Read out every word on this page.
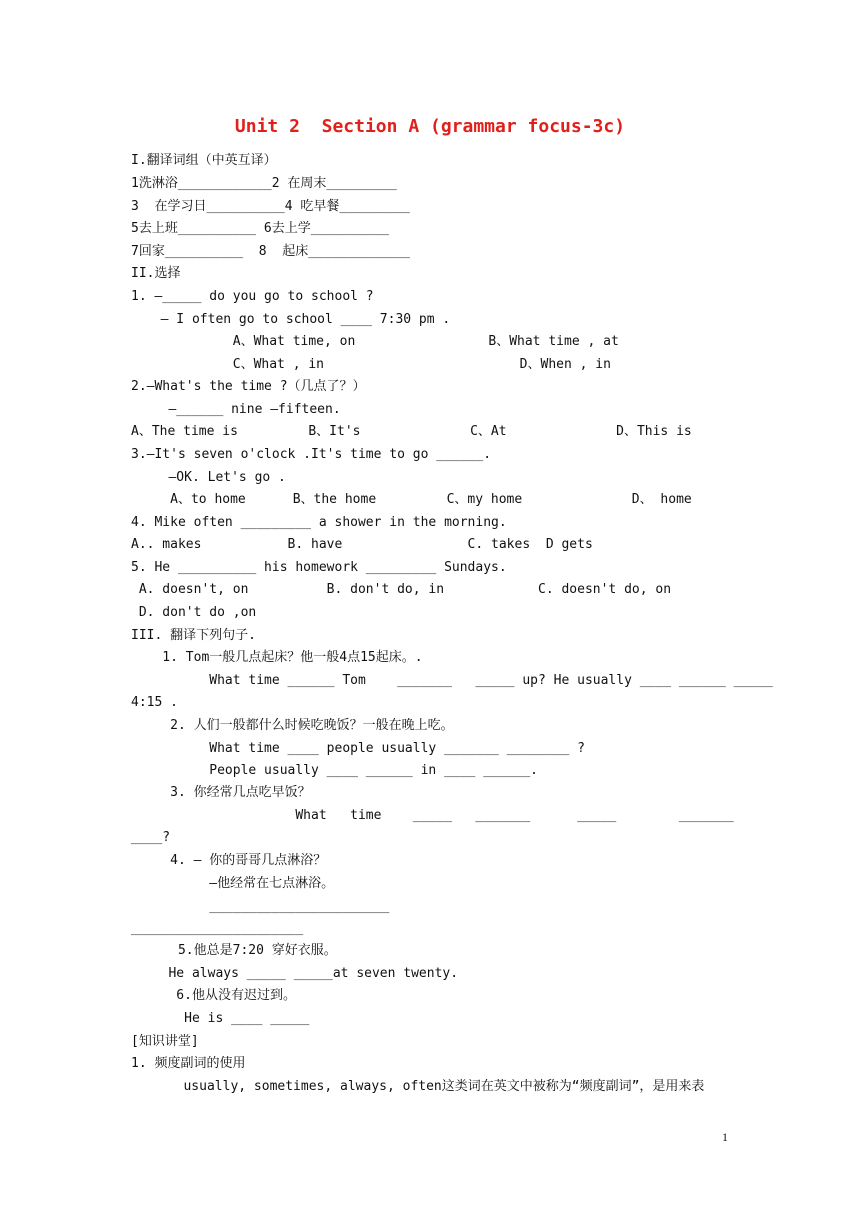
Unit 2  Section A (grammar focus-3c)
I.翻译词组（中英互译）
1洗淋浴____________2 在周末_________
3  在学习日__________4 吃早餐_________
5去上班__________ 6去上学__________
7回家__________  8  起床_____________
II.选择
1. —_____ do you go to school ?
— I often go to school ____ 7:30 pm .
A、What time, on                 B、What time , at
C、What , in                         D、When , in
2.—What's the time ?（几点了？）
—______ nine —fifteen.
A、The time is         B、It's              C、At              D、This is
3.—It's seven o'clock .It's time to go ______.
—OK. Let's go .
A、to home      B、the home         C、my home              D、 home
4. Mike often _________ a shower in the morning.
A.. makes           B. have                C. takes  D gets
5. He __________ his homework _________ Sundays.
A. doesn't, on          B. don't do, in            C. doesn't do, on
D. don't do ,on
III. 翻译下列句子.
1. Tom一般几点起床？他一般4点15起床。.
What time ______ Tom    _______   _____ up? He usually ____ ______ _____
4:15 .
2. 人们一般都什么时候吃晚饭？一般在晚上吃。
What time ____ people usually _______ ________ ?
People usually ____ ______ in ____ ______.
3. 你经常几点吃早饭？
What   time    _____   _______      _____        _______
____?
4. — 你的哥哥几点淋浴？
—他经常在七点淋浴。
_______________________
______________________
5.他总是7:20 穿好衣服。
He always _____ _____at seven twenty.
6.他从没有迟过到。
He is ____ _____
[知识讲堂]
1. 频度副词的使用
usually, sometimes, always, often这类词在英文中被称为“频度副词”，是用来表
1
